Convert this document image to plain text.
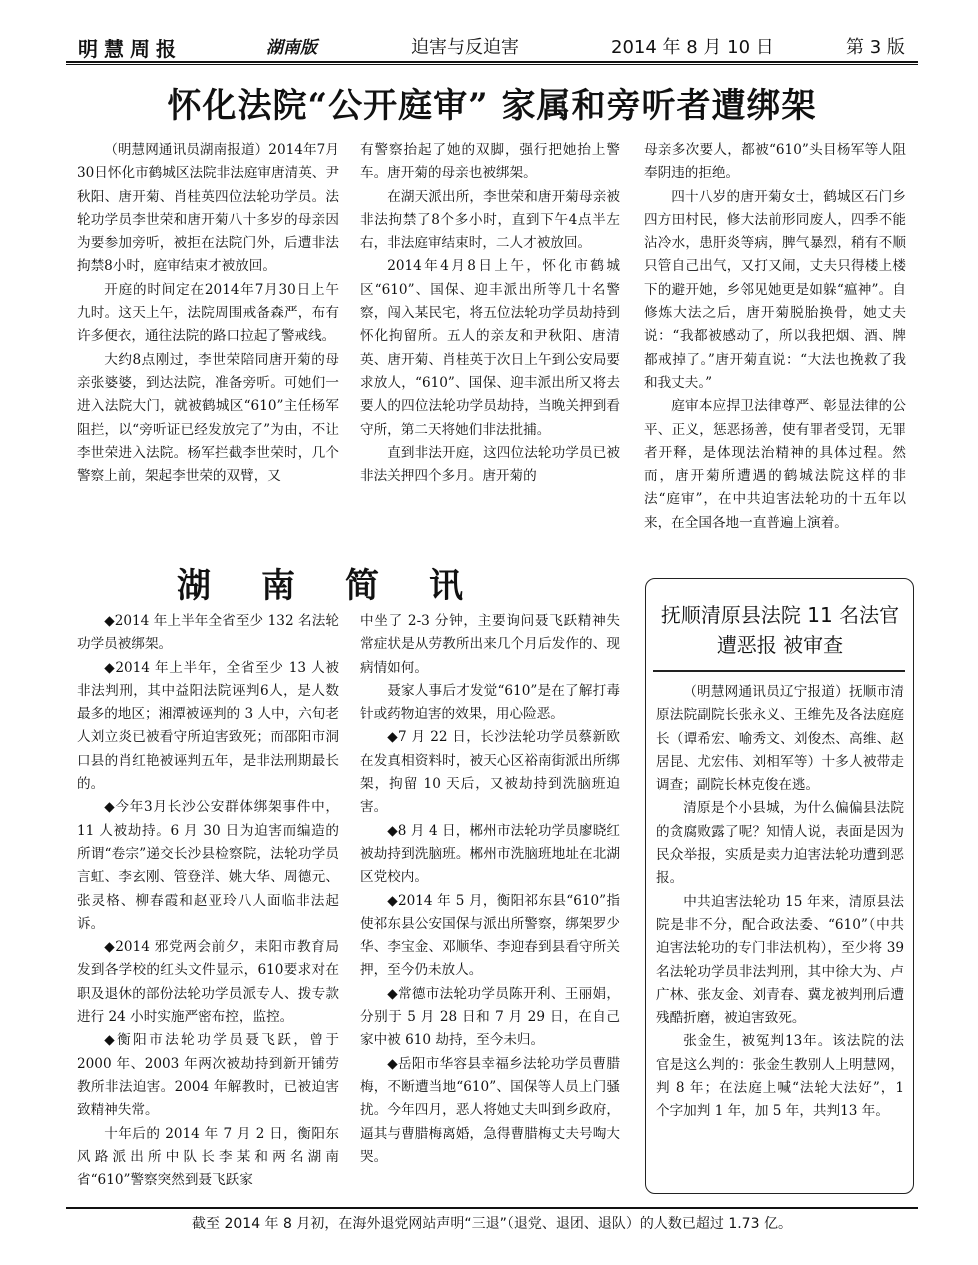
明慧周报	湖南版	迫害与反迫害	2014 年 8 月 10 日	第 3 版
怀化法院“公开庭审” 家属和旁听者遭绑架

（明慧网通讯员湖南报道）2014年7月30日怀化市鹤城区法院非法庭审唐清英、尹秋阳、唐开菊、肖桂英四位法轮功学员。法轮功学员李世荣和唐开菊八十多岁的母亲因为要参加旁听，被拒在法院门外，后遭非法拘禁8小时，庭审结束才被放回。

开庭的时间定在2014年7月30日上午九时。这天上午，法院周围戒备森严，布有许多便衣，通往法院的路口拉起了警戒线。

大约8点刚过，李世荣陪同唐开菊的母亲张婆婆，到达法院，准备旁听。可她们一进入法院大门，就被鹤城区“610”主任杨军阻拦，以“旁听证已经发放完了”为由，不让李世荣进入法院。杨军拦截李世荣时，几个警察上前，架起李世荣的双臂，又

有警察抬起了她的双脚，强行把她抬上警车。唐开菊的母亲也被绑架。

在湖天派出所，李世荣和唐开菊母亲被非法拘禁了8个多小时，直到下午4点半左右，非法庭审结束时，二人才被放回。

2014年4月8日上午，怀化市鹤城区“610”、国保、迎丰派出所等几十名警察，闯入某民宅，将五位法轮功学员劫持到怀化拘留所。五人的亲友和尹秋阳、唐清英、唐开菊、肖桂英于次日上午到公安局要求放人，“610”、国保、迎丰派出所又将去要人的四位法轮功学员劫持，当晚关押到看守所，第二天将她们非法批捕。

直到非法开庭，这四位法轮功学员已被非法关押四个多月。唐开菊的

母亲多次要人，都被“610”头目杨军等人阻奉阴违的拒绝。

四十八岁的唐开菊女士，鹤城区石门乡四方田村民，修大法前形同废人，四季不能沾冷水，患肝炎等病，脾气暴烈，稍有不顺只管自己出气，又打又闹，丈夫只得楼上楼下的避开她，乡邻见她更是如躲“瘟神”。自修炼大法之后，唐开菊脱胎换骨，她丈夫说：“我都被感动了，所以我把烟、酒、牌都戒掉了。”唐开菊直说：“大法也挽救了我和我丈夫。”

庭审本应捍卫法律尊严、彰显法律的公平、正义，惩恶扬善，使有罪者受罚，无罪者开释，是体现法治精神的具体过程。然而，唐开菊所遭遇的鹤城法院这样的非法“庭审”，在中共迫害法轮功的十五年以来，在全国各地一直普遍上演着。

湖南简讯

◆2014 年上半年全省至少 132 名法轮功学员被绑架。

◆2014 年上半年，全省至少 13 人被非法判刑，其中益阳法院诬判6人，是人数最多的地区；湘潭被诬判的 3 人中，六旬老人刘立炎已被看守所迫害致死；而邵阳市洞口县的肖红艳被诬判五年，是非法刑期最长的。

◆今年3月长沙公安群体绑架事件中，11 人被劫持。6 月 30 日为迫害而编造的所谓“卷宗”递交长沙县检察院，法轮功学员言虹、李玄刚、管登洋、姚大华、周德元、张灵格、柳春霞和赵亚玲八人面临非法起诉。

◆2014 邪党两会前夕，耒阳市教育局发到各学校的红头文件显示，610要求对在职及退休的部份法轮功学员派专人、拨专款进行 24 小时实施严密布控，监控。

◆衡阳市法轮功学员聂飞跃，曾于 2000 年、2003 年两次被劫持到新开铺劳教所非法迫害。2004 年解教时，已被迫害致精神失常。

十年后的 2014 年 7 月 2 日，衡阳东风路派出所中队长李某和两名湖南省“610”警察突然到聂飞跃家

中坐了 2-3 分钟，主要询问聂飞跃精神失常症状是从劳教所出来几个月后发作的、现病情如何。

聂家人事后才发觉“610”是在了解打毒针或药物迫害的效果，用心险恶。

◆7 月 22 日，长沙法轮功学员蔡新欧在发真相资料时，被天心区裕南街派出所绑架，拘留 10 天后，又被劫持到洗脑班迫害。

◆8 月 4 日，郴州市法轮功学员廖晓红被劫持到洗脑班。郴州市洗脑班地址在北湖区党校内。

◆2014 年 5 月，衡阳祁东县“610”指使祁东县公安国保与派出所警察，绑架罗少华、李宝金、邓顺华、李迎春到县看守所关押，至今仍未放人。

◆常德市法轮功学员陈开利、王丽娟，分别于 5 月 28 日和 7 月 29 日，在自己家中被 610 劫持，至今未归。

◆岳阳市华容县幸福乡法轮功学员曹腊梅，不断遭当地“610”、国保等人员上门骚扰。今年四月，恶人将她丈夫叫到乡政府，逼其与曹腊梅离婚，急得曹腊梅丈夫号啕大哭。

抚顺清原县法院 11 名法官
遭恶报 被审查

（明慧网通讯员辽宁报道）抚顺市清原法院副院长张永义、王维先及各法庭庭长（谭希宏、喻秀文、刘俊杰、高维、赵居昆、尤宏伟、刘相军等）十多人被带走调查；副院长林克俊在逃。

清原是个小县城，为什么偏偏县法院的贪腐败露了呢？知情人说，表面是因为民众举报，实质是卖力迫害法轮功遭到恶报。

中共迫害法轮功 15 年来，清原县法院是非不分，配合政法委、“610”（中共迫害法轮功的专门非法机构），至少将 39 名法轮功学员非法判刑，其中徐大为、卢广林、张友金、刘青春、冀龙被判刑后遭残酷折磨，被迫害致死。

张金生，被冤判13年。该法院的法官是这么判的：张金生教别人上明慧网，判 8 年；在法庭上喊“法轮大法好”，1 个字加判 1 年，加 5 年，共判13 年。

截至 2014 年 8 月初，在海外退党网站声明“三退”（退党、退团、退队）的人数已超过 1.73 亿。
